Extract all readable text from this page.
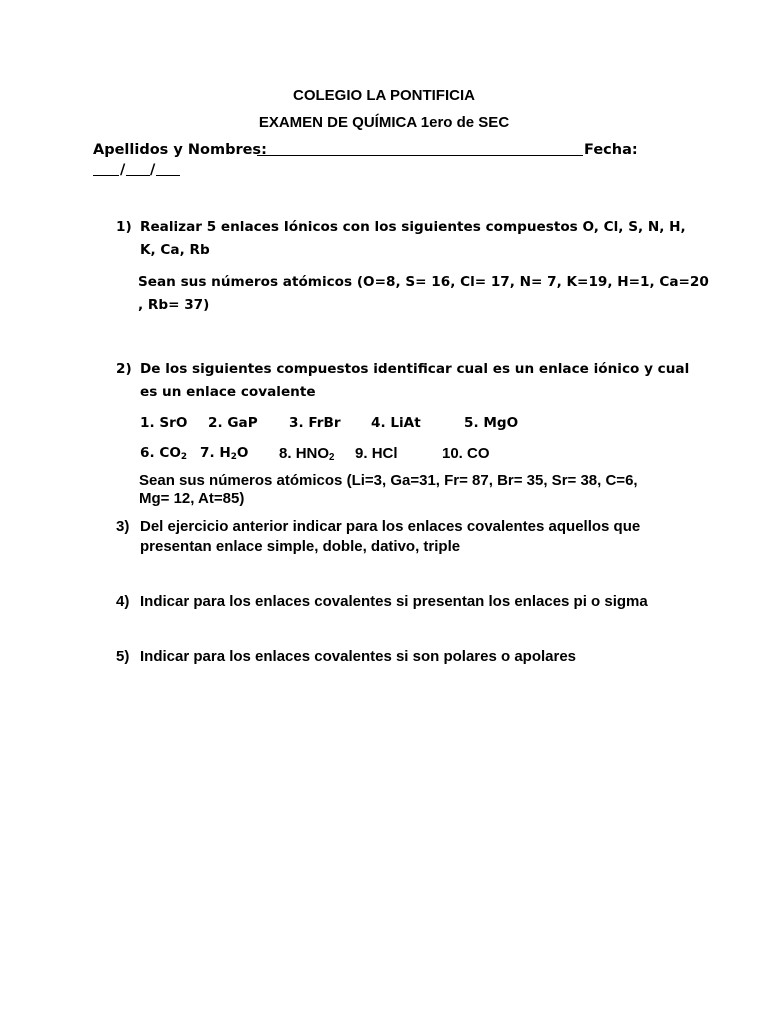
COLEGIO LA PONTIFICIA
EXAMEN DE QUÍMICA 1ero de SEC
Apellidos y Nombres:	Fecha:
/ /
1) Realizar 5 enlaces Iónicos con los siguientes compuestos O, Cl, S, N, H,
K, Ca, Rb
Sean sus números atómicos (O=8, S= 16, Cl= 17, N= 7, K=19, H=1, Ca=20
, Rb= 37)
2) De los siguientes compuestos identificar cual es un enlace iónico y cual
es un enlace covalente
1. SrO 2. GaP 3. FrBr 4. LiAt	5. MgO
6. $CO_2$ 7. $H_2O$ 8. $HNO_2$ 9. HCl	10. CO
Sean sus números atómicos (Li=3, Ga=31, Fr= 87, Br= 35, Sr= 38, C=6,
Mg= 12, At=85)
3) Del ejercicio anterior indicar para los enlaces covalentes aquellos que
presentan enlace simple, doble, dativo, triple
4) Indicar para los enlaces covalentes si presentan los enlaces pi o sigma
5) Indicar para los enlaces covalentes si son polares o apolares
